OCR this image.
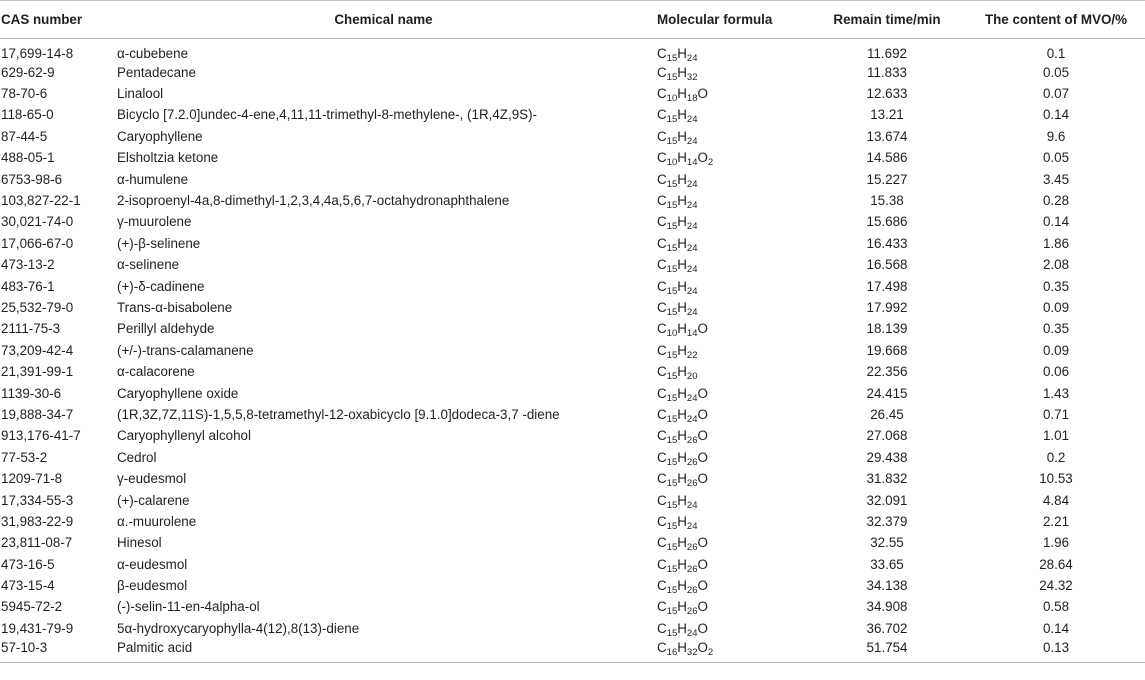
CAS number	Chemical name	Molecular formula	Remain time/min	The content of MVO/%
17,699-14-8	α-cubebene	$C_{15}H_{24}$	11.692	0.1
629-62-9	Pentadecane	$C_{15}H_{32}$	11.833	0.05
78-70-6	Linalool	$C_{10}H_{18}O$	12.633	0.07
118-65-0	Bicyclo [7.2.0]undec-4-ene,4,11,11-trimethyl-8-methylene-, (1R,4Z,9S)-	$C_{15}H_{24}$	13.21	0.14
87-44-5	Caryophyllene	$C_{15}H_{24}$	13.674	9.6
488-05-1	Elsholtzia ketone	$C_{10}H_{14}O_2$	14.586	0.05
6753-98-6	α-humulene	$C_{15}H_{24}$	15.227	3.45
103,827-22-1	2-isoproenyl-4a,8-dimethyl-1,2,3,4,4a,5,6,7-octahydronaphthalene	$C_{15}H_{24}$	15.38	0.28
30,021-74-0	γ-muurolene	$C_{15}H_{24}$	15.686	0.14
17,066-67-0	(+)-β-selinene	$C_{15}H_{24}$	16.433	1.86
473-13-2	α-selinene	$C_{15}H_{24}$	16.568	2.08
483-76-1	(+)-δ-cadinene	$C_{15}H_{24}$	17.498	0.35
25,532-79-0	Trans-α-bisabolene	$C_{15}H_{24}$	17.992	0.09
2111-75-3	Perillyl aldehyde	$C_{10}H_{14}O$	18.139	0.35
73,209-42-4	(+/-)-trans-calamanene	$C_{15}H_{22}$	19.668	0.09
21,391-99-1	α-calacorene	$C_{15}H_{20}$	22.356	0.06
1139-30-6	Caryophyllene oxide	$C_{15}H_{24}O$	24.415	1.43
19,888-34-7	(1R,3Z,7Z,11S)-1,5,5,8-tetramethyl-12-oxabicyclo [9.1.0]dodeca-3,7 -diene	$C_{15}H_{24}O$	26.45	0.71
913,176-41-7	Caryophyllenyl alcohol	$C_{15}H_{26}O$	27.068	1.01
77-53-2	Cedrol	$C_{15}H_{26}O$	29.438	0.2
1209-71-8	γ-eudesmol	$C_{15}H_{26}O$	31.832	10.53
17,334-55-3	(+)-calarene	$C_{15}H_{24}$	32.091	4.84
31,983-22-9	α.-muurolene	$C_{15}H_{24}$	32.379	2.21
23,811-08-7	Hinesol	$C_{15}H_{26}O$	32.55	1.96
473-16-5	α-eudesmol	$C_{15}H_{26}O$	33.65	28.64
473-15-4	β-eudesmol	$C_{15}H_{26}O$	34.138	24.32
5945-72-2	(-)-selin-11-en-4alpha-ol	$C_{15}H_{26}O$	34.908	0.58
19,431-79-9	5α-hydroxycaryophylla-4(12),8(13)-diene	$C_{15}H_{24}O$	36.702	0.14
57-10-3	Palmitic acid	$C_{16}H_{32}O_2$	51.754	0.13
